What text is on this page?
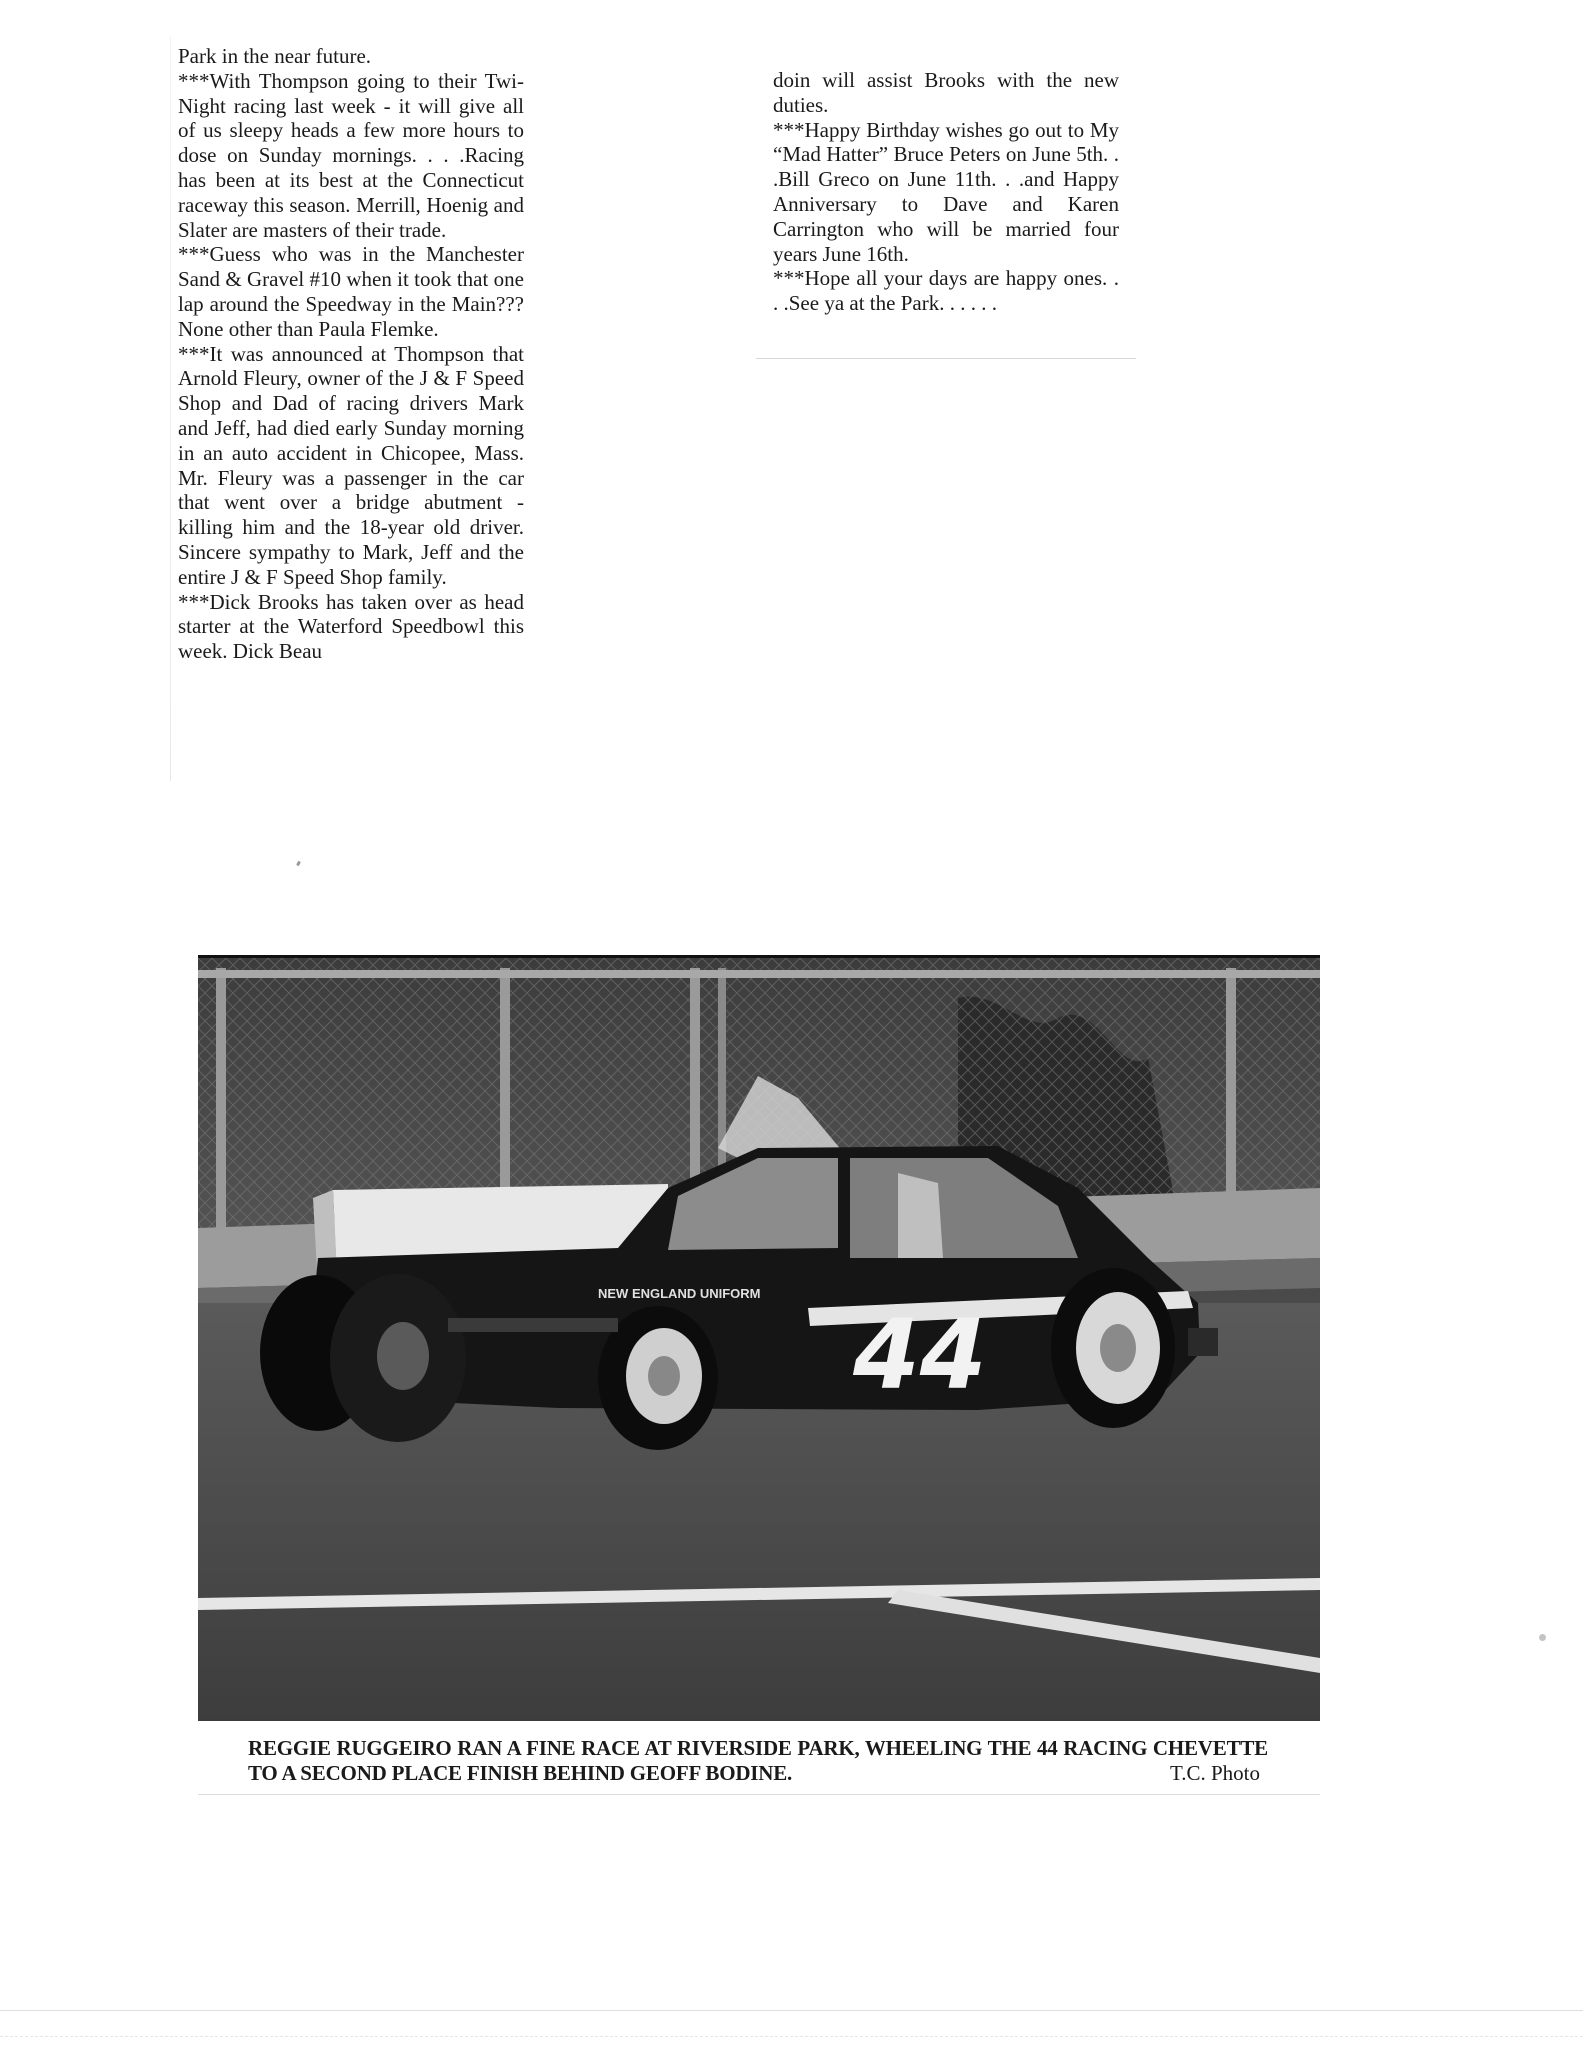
Park in the near future.

***With Thompson going to their Twi-Night racing last week - it will give all of us sleepy heads a few more hours to dose on Sunday mornings. . . .Racing has been at its best at the Connecticut raceway this season. Merrill, Hoenig and Slater are masters of their trade.

***Guess who was in the Manchester Sand & Gravel #10 when it took that one lap around the Speedway in the Main??? None other than Paula Flemke.

***It was announced at Thompson that Arnold Fleury, owner of the J & F Speed Shop and Dad of racing drivers Mark and Jeff, had died early Sunday morning in an auto accident in Chicopee, Mass. Mr. Fleury was a passenger in the car that went over a bridge abutment - killing him and the 18-year old driver. Sincere sympathy to Mark, Jeff and the entire J & F Speed Shop family.

***Dick Brooks has taken over as head starter at the Waterford Speedbowl this week. Dick Beau

doin will assist Brooks with the new duties.

***Happy Birthday wishes go out to My “Mad Hatter” Bruce Peters on June 5th. . .Bill Greco on June 11th. . .and Happy Anniversary to Dave and Karen Carrington who will be married four years June 16th.

***Hope all your days are happy ones. . . .See ya at the Park. . . . . .

44
NEW ENGLAND UNIFORM
REGGIE RUGGEIRO RAN A FINE RACE AT RIVERSIDE PARK, WHEELING THE 44 RACING CHEVETTE TO A SECOND PLACE FINISH BEHIND GEOFF BODINE.	T.C. Photo
